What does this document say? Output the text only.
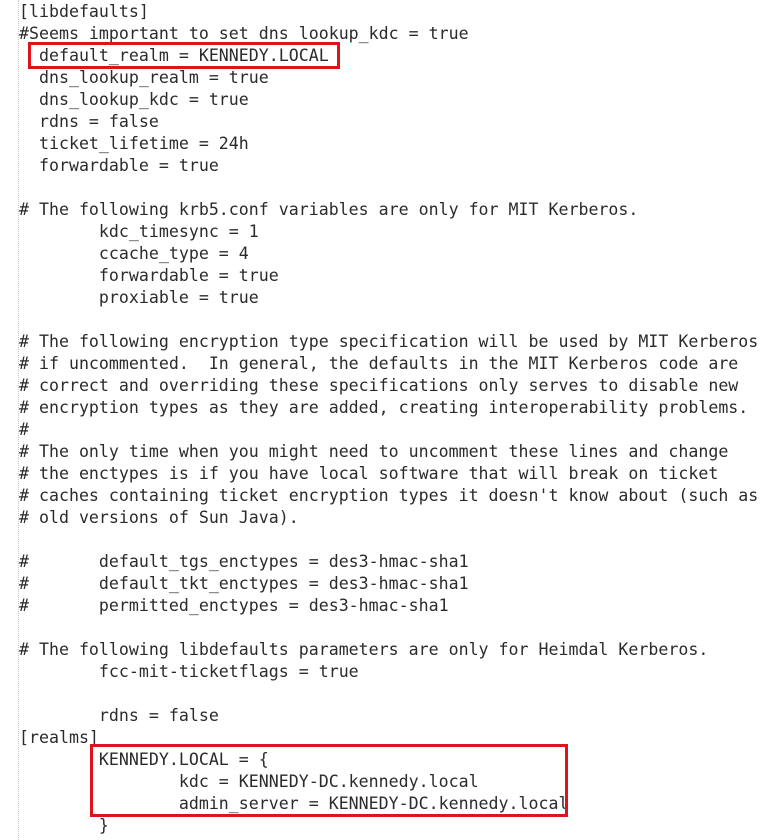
[libdefaults]
#Seems important to set dns_lookup_kdc = true
default_realm = KENNEDY.LOCAL
dns_lookup_realm = true
dns_lookup_kdc = true
rdns = false
ticket_lifetime = 24h
forwardable = true
# The following krb5.conf variables are only for MIT Kerberos.
kdc_timesync = 1
ccache_type = 4
forwardable = true
proxiable = true
# The following encryption type specification will be used by MIT Kerberos
# if uncommented.  In general, the defaults in the MIT Kerberos code are
# correct and overriding these specifications only serves to disable new
# encryption types as they are added, creating interoperability problems.
#
# The only time when you might need to uncomment these lines and change
# the enctypes is if you have local software that will break on ticket
# caches containing ticket encryption types it doesn't know about (such as
# old versions of Sun Java).
#       default_tgs_enctypes = des3-hmac-sha1
#       default_tkt_enctypes = des3-hmac-sha1
#       permitted_enctypes = des3-hmac-sha1
# The following libdefaults parameters are only for Heimdal Kerberos.
fcc-mit-ticketflags = true
rdns = false
[realms]
KENNEDY.LOCAL = {
kdc = KENNEDY-DC.kennedy.local
admin_server = KENNEDY-DC.kennedy.local
}
